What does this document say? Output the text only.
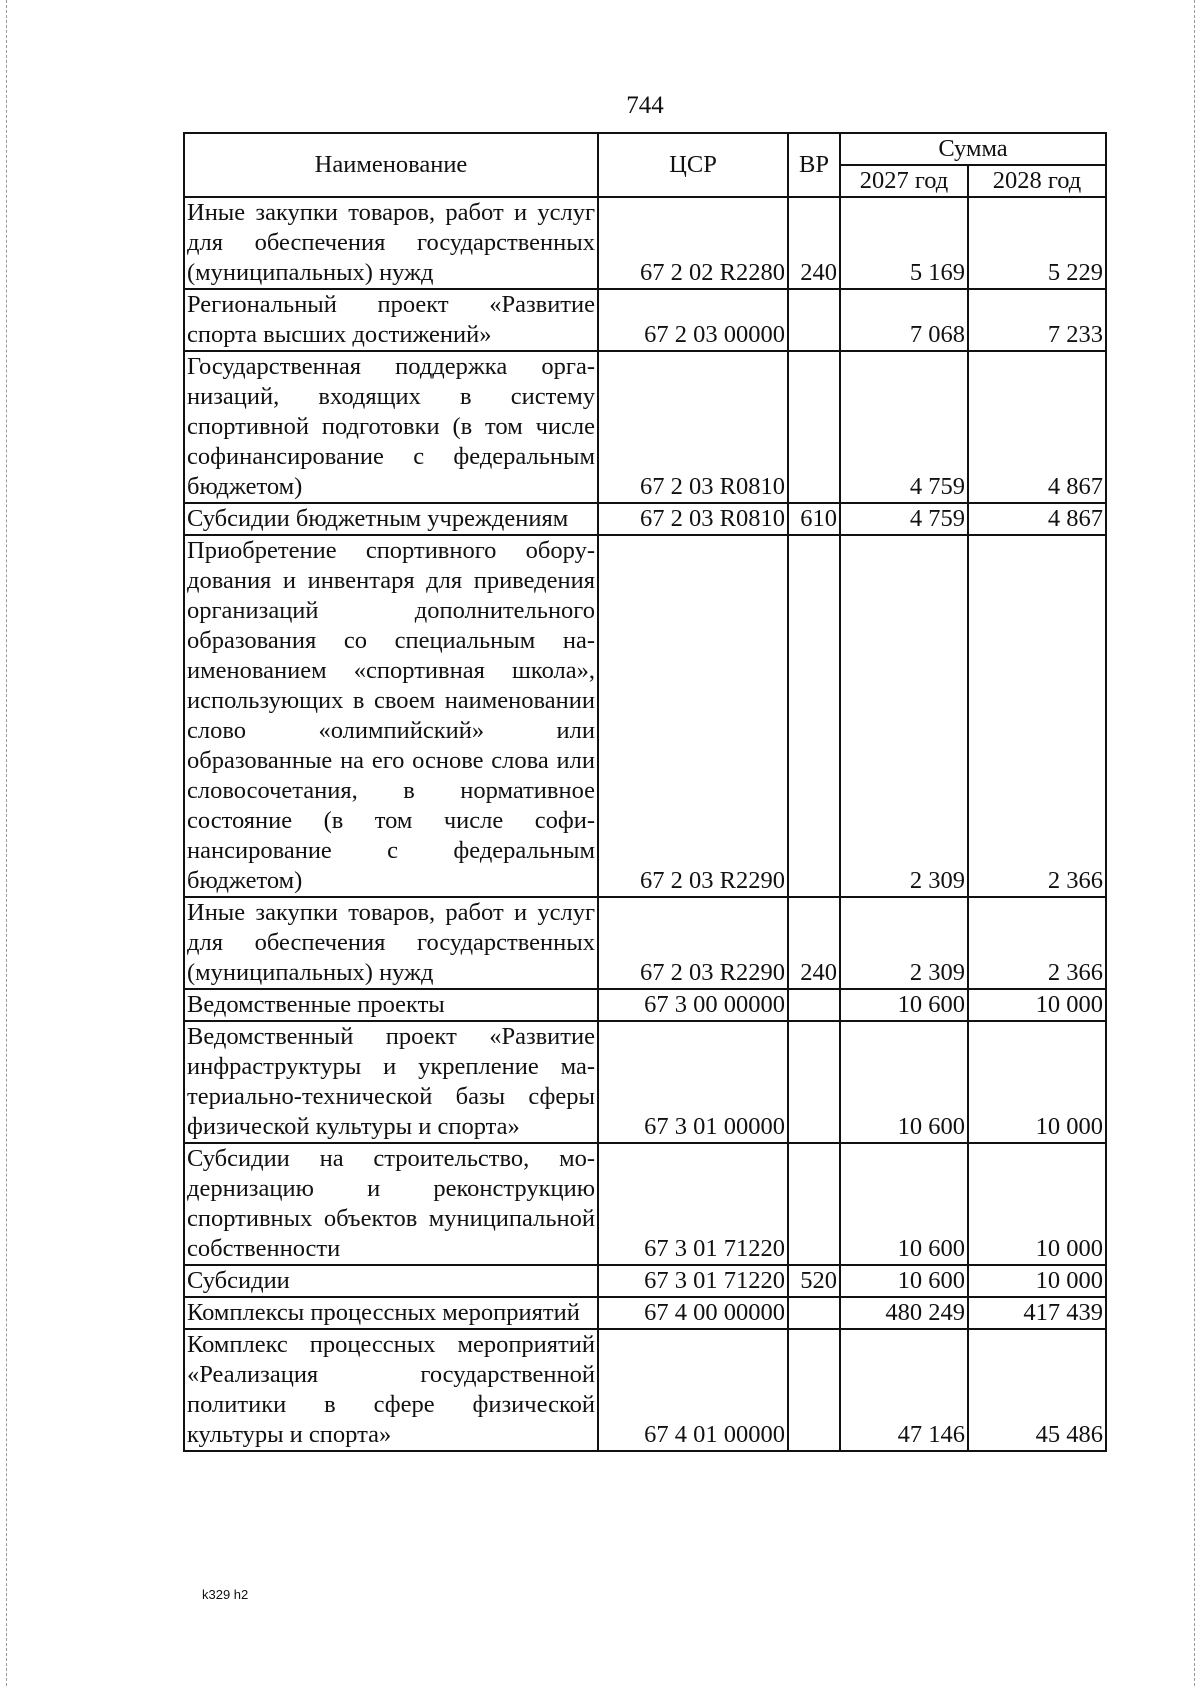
744
Наименование	ЦСР	ВР	Сумма	
			2027 год	2028 год
Иные закупки товаров, работ и услуг для обеспечения государственных (муниципальных) нужд	67 2 02 R2280	240	5 169	5 229
Региональный проект «Развитие спорта высших достижений»	67 2 03 00000		7 068	7 233
Государственная поддержка организаций, входящих в систему спортивной подготовки (в том числе софинансирование с федеральным бюджетом)	67 2 03 R0810		4 759	4 867
Субсидии бюджетным учреждениям	67 2 03 R0810	610	4 759	4 867
Приобретение спортивного оборудования и инвентаря для приведения организаций дополнительного образования со специальным наименованием «спортивная школа», использующих в своем наименовании слово «олимпийский» или образованные на его основе слова или словосочетания, в нормативное состояние (в том числе софинансирование с федеральным бюджетом)	67 2 03 R2290		2 309	2 366
Иные закупки товаров, работ и услуг для обеспечения государственных (муниципальных) нужд	67 2 03 R2290	240	2 309	2 366
Ведомственные проекты	67 3 00 00000		10 600	10 000
Ведомственный проект «Развитие инфраструктуры и укрепление материально-технической базы сферы физической культуры и спорта»	67 3 01 00000		10 600	10 000
Субсидии на строительство, модернизацию и реконструкцию спортивных объектов муниципальной собственности	67 3 01 71220		10 600	10 000
Субсидии	67 3 01 71220	520	10 600	10 000
Комплексы процессных мероприятий	67 4 00 00000		480 249	417 439
Комплекс процессных мероприятий «Реализация государственной политики в сфере физической культуры и спорта»	67 4 01 00000		47 146	45 486
k329 h2
